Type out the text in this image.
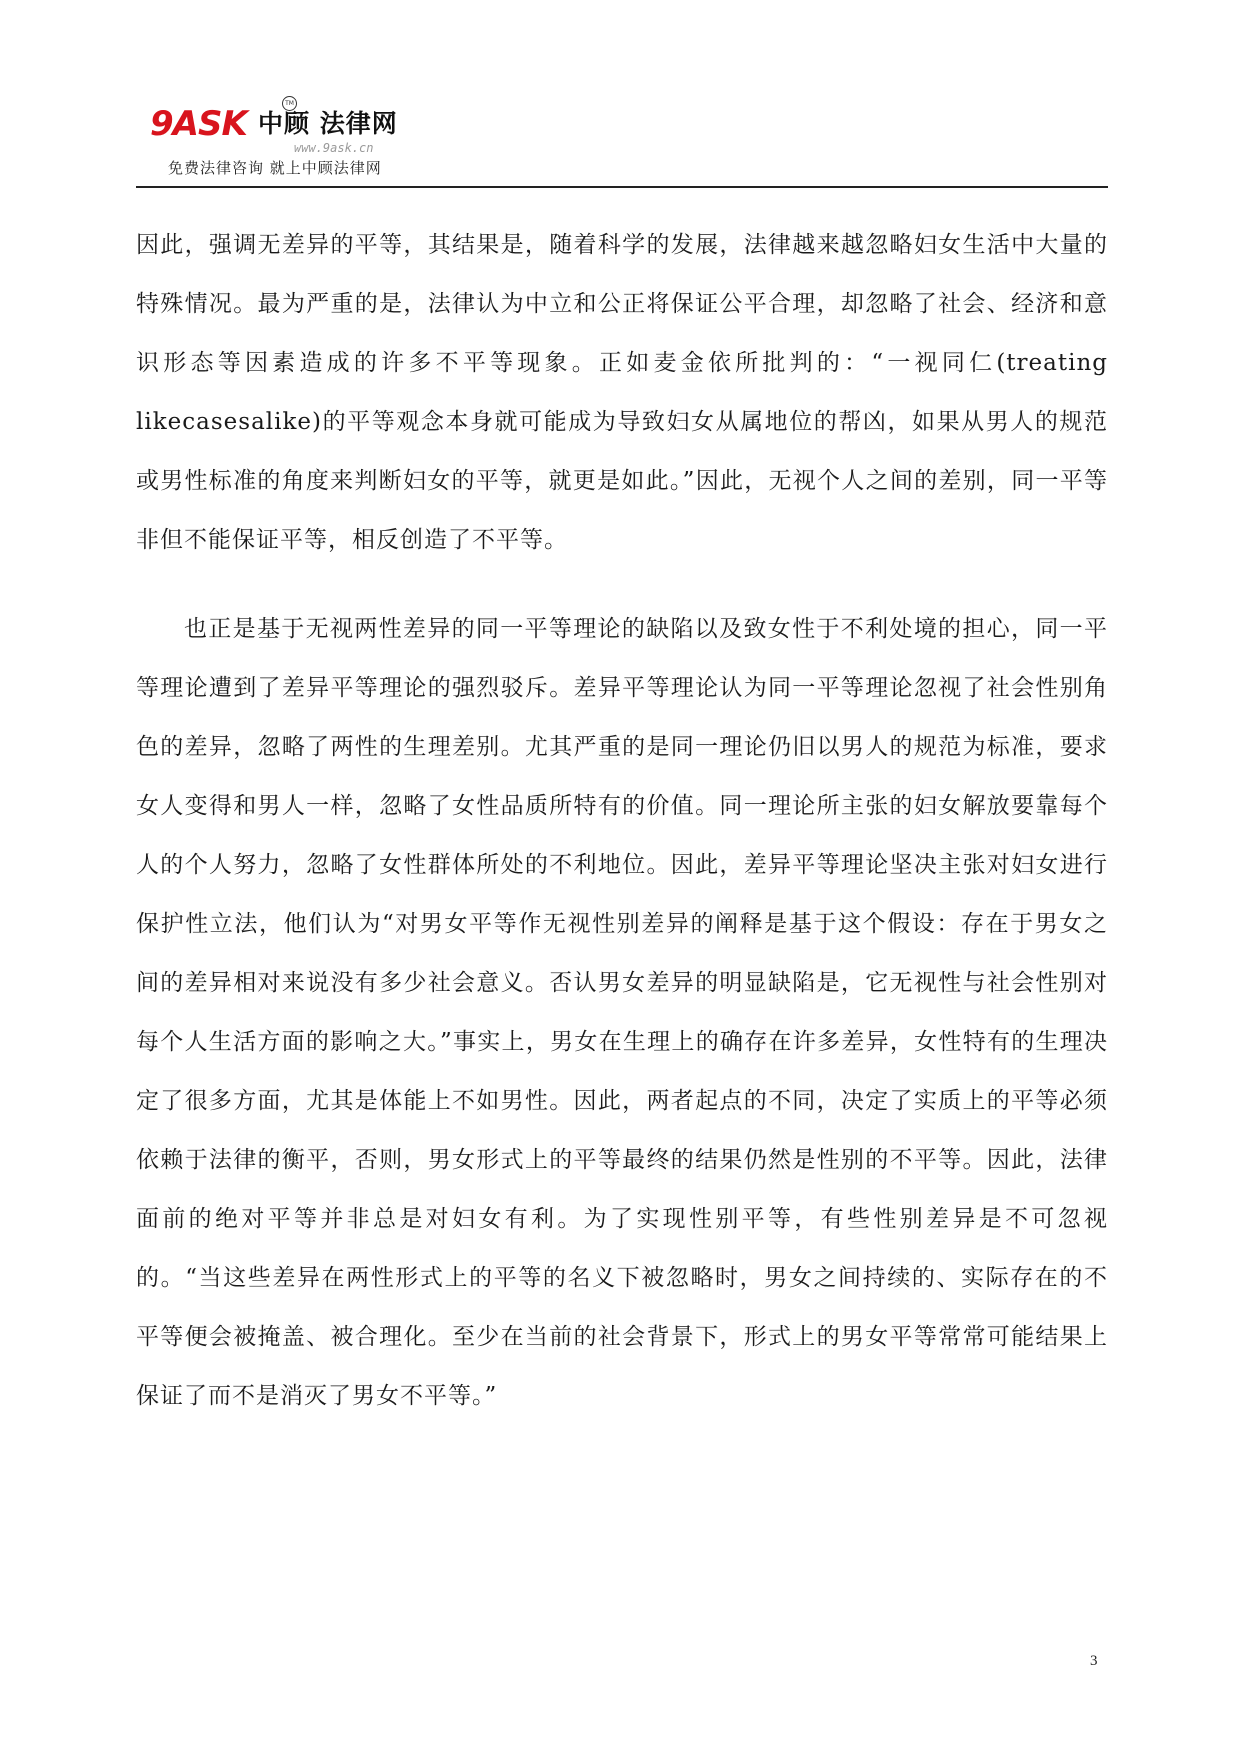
9ASK 中顾 法律网
TM
www.9ask.cn
免费法律咨询 就上中顾法律网

因此，强调无差异的平等，其结果是，随着科学的发展，法律越来越忽略妇女生活中大量的特殊情况。最为严重的是，法律认为中立和公正将保证公平合理，却忽略了社会、经济和意识形态等因素造成的许多不平等现象。正如麦金依所批判的：“一视同仁(treating likecasesalike)的平等观念本身就可能成为导致妇女从属地位的帮凶，如果从男人的规范或男性标准的角度来判断妇女的平等，就更是如此。”因此，无视个人之间的差别，同一平等非但不能保证平等，相反创造了不平等。

也正是基于无视两性差异的同一平等理论的缺陷以及致女性于不利处境的担心，同一平等理论遭到了差异平等理论的强烈驳斥。差异平等理论认为同一平等理论忽视了社会性别角色的差异，忽略了两性的生理差别。尤其严重的是同一理论仍旧以男人的规范为标准，要求女人变得和男人一样，忽略了女性品质所特有的价值。同一理论所主张的妇女解放要靠每个人的个人努力，忽略了女性群体所处的不利地位。因此，差异平等理论坚决主张对妇女进行保护性立法，他们认为“对男女平等作无视性别差异的阐释是基于这个假设：存在于男女之间的差异相对来说没有多少社会意义。否认男女差异的明显缺陷是，它无视性与社会性别对每个人生活方面的影响之大。”事实上，男女在生理上的确存在许多差异，女性特有的生理决定了很多方面，尤其是体能上不如男性。因此，两者起点的不同，决定了实质上的平等必须依赖于法律的衡平，否则，男女形式上的平等最终的结果仍然是性别的不平等。因此，法律面前的绝对平等并非总是对妇女有利。为了实现性别平等，有些性别差异是不可忽视的。“当这些差异在两性形式上的平等的名义下被忽略时，男女之间持续的、实际存在的不平等便会被掩盖、被合理化。至少在当前的社会背景下，形式上的男女平等常常可能结果上保证了而不是消灭了男女不平等。”

3
